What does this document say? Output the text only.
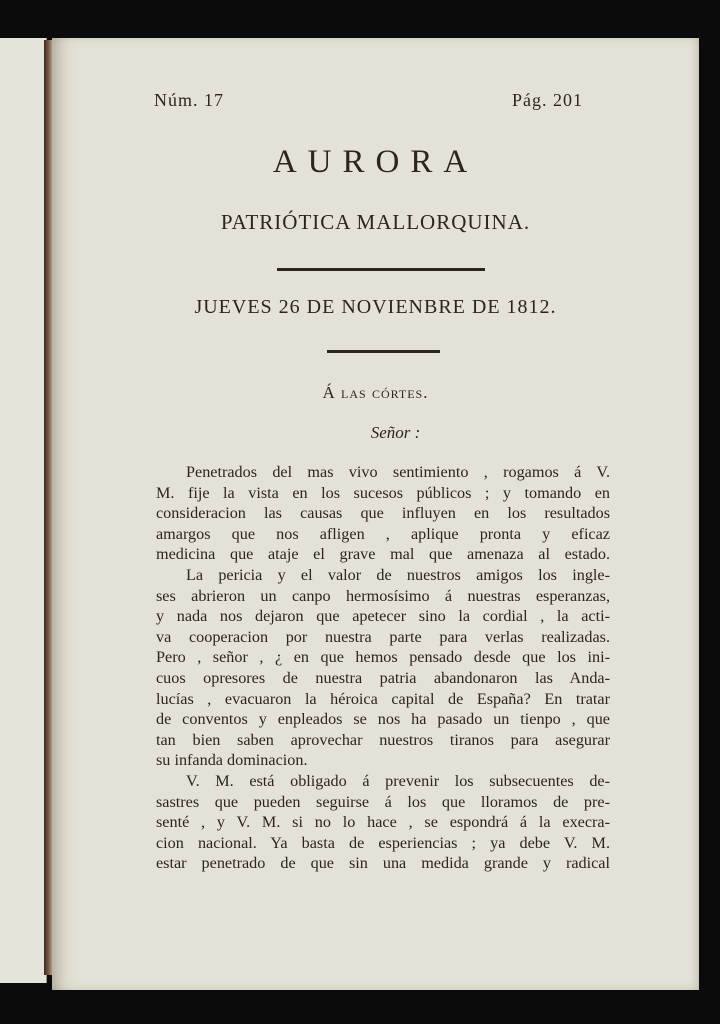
Núm. 17	Pág. 201
AURORA
PATRIÓTICA MALLORQUINA.
JUEVES 26 DE NOVIENBRE DE 1812.
Á las córtes.
Señor :
Penetrados del mas vivo sentimiento , rogamos á V.
M. fije la vista en los sucesos públicos ; y tomando en
consideracion las causas que influyen en los resultados
amargos que nos afligen , aplique pronta y eficaz
medicina que ataje el grave mal que amenaza al estado.
La pericia y el valor de nuestros amigos los ingle-
ses abrieron un canpo hermosísimo á nuestras esperanzas,
y nada nos dejaron que apetecer sino la cordial , la acti-
va cooperacion por nuestra parte para verlas realizadas.
Pero , señor , ¿ en que hemos pensado desde que los ini-
cuos opresores de nuestra patria abandonaron las Anda-
lucías , evacuaron la héroica capital de España? En tratar
de conventos y enpleados se nos ha pasado un tienpo , que
tan bien saben aprovechar nuestros tiranos para asegurar
su infanda dominacion.
V. M. está obligado á prevenir los subsecuentes de-
sastres que pueden seguirse á los que lloramos de pre-
senté , y V. M. si no lo hace , se espondrá á la execra-
cion nacional. Ya basta de esperiencias ; ya debe V. M.
estar penetrado de que sin una medida grande y radical
